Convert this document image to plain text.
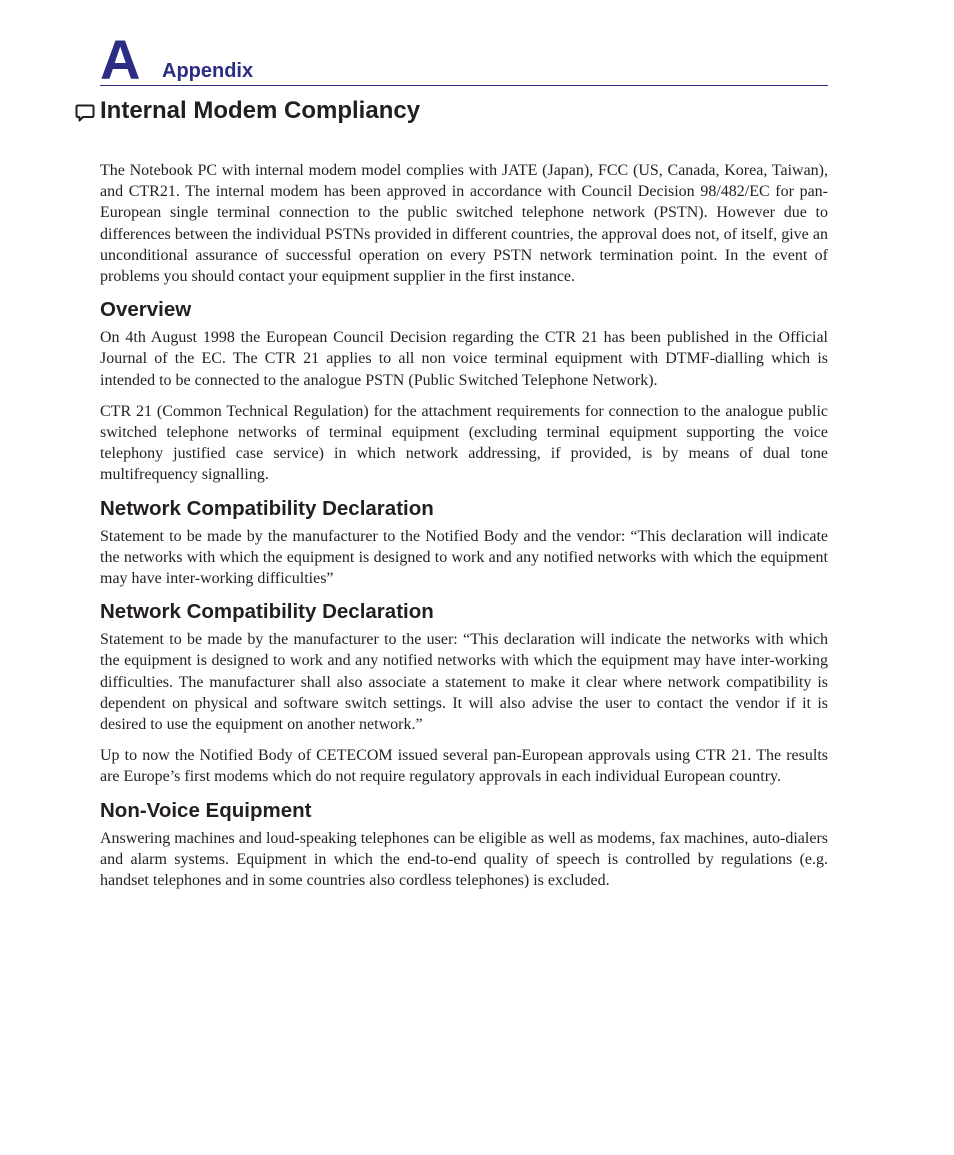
A Appendix
Internal Modem Compliancy

The Notebook PC with internal modem model complies with JATE (Japan), FCC (US, Canada, Korea, Taiwan), and CTR21. The internal modem has been approved in accordance with Council Decision 98/482/EC for pan-European single terminal connection to the public switched telephone network (PSTN). However due to differences between the individual PSTNs provided in different countries, the approval does not, of itself, give an unconditional assurance of successful operation on every PSTN network termination point. In the event of problems you should contact your equipment supplier in the first instance.

Overview

On 4th August 1998 the European Council Decision regarding the CTR 21 has been published in the Official Journal of the EC. The CTR 21 applies to all non voice terminal equipment with DTMF-dialling which is intended to be connected to the analogue PSTN (Public Switched Telephone Network).

CTR 21 (Common Technical Regulation) for the attachment requirements for connection to the analogue public switched telephone networks of terminal equipment (excluding terminal equipment supporting the voice telephony justified case service) in which network addressing, if provided, is by means of dual tone multifrequency signalling.

Network Compatibility Declaration

Statement to be made by the manufacturer to the Notified Body and the vendor: “This declaration will indicate the networks with which the equipment is designed to work and any notified networks with which the equipment may have inter-working difficulties”

Network Compatibility Declaration

Statement to be made by the manufacturer to the user: “This declaration will indicate the networks with which the equipment is designed to work and any notified networks with which the equipment may have inter-working difficulties. The manufacturer shall also associate a statement to make it clear where network compatibility is dependent on physical and software switch settings. It will also advise the user to contact the vendor if it is desired to use the equipment on another network.”

Up to now the Notified Body of CETECOM issued several pan-European approvals using CTR 21. The results are Europe’s first modems which do not require regulatory approvals in each individual European country.

Non-Voice Equipment

Answering machines and loud-speaking telephones can be eligible as well as modems, fax machines, auto-dialers and alarm systems. Equipment in which the end-to-end quality of speech is controlled by regulations (e.g. handset telephones and in some countries also cordless telephones) is excluded.
